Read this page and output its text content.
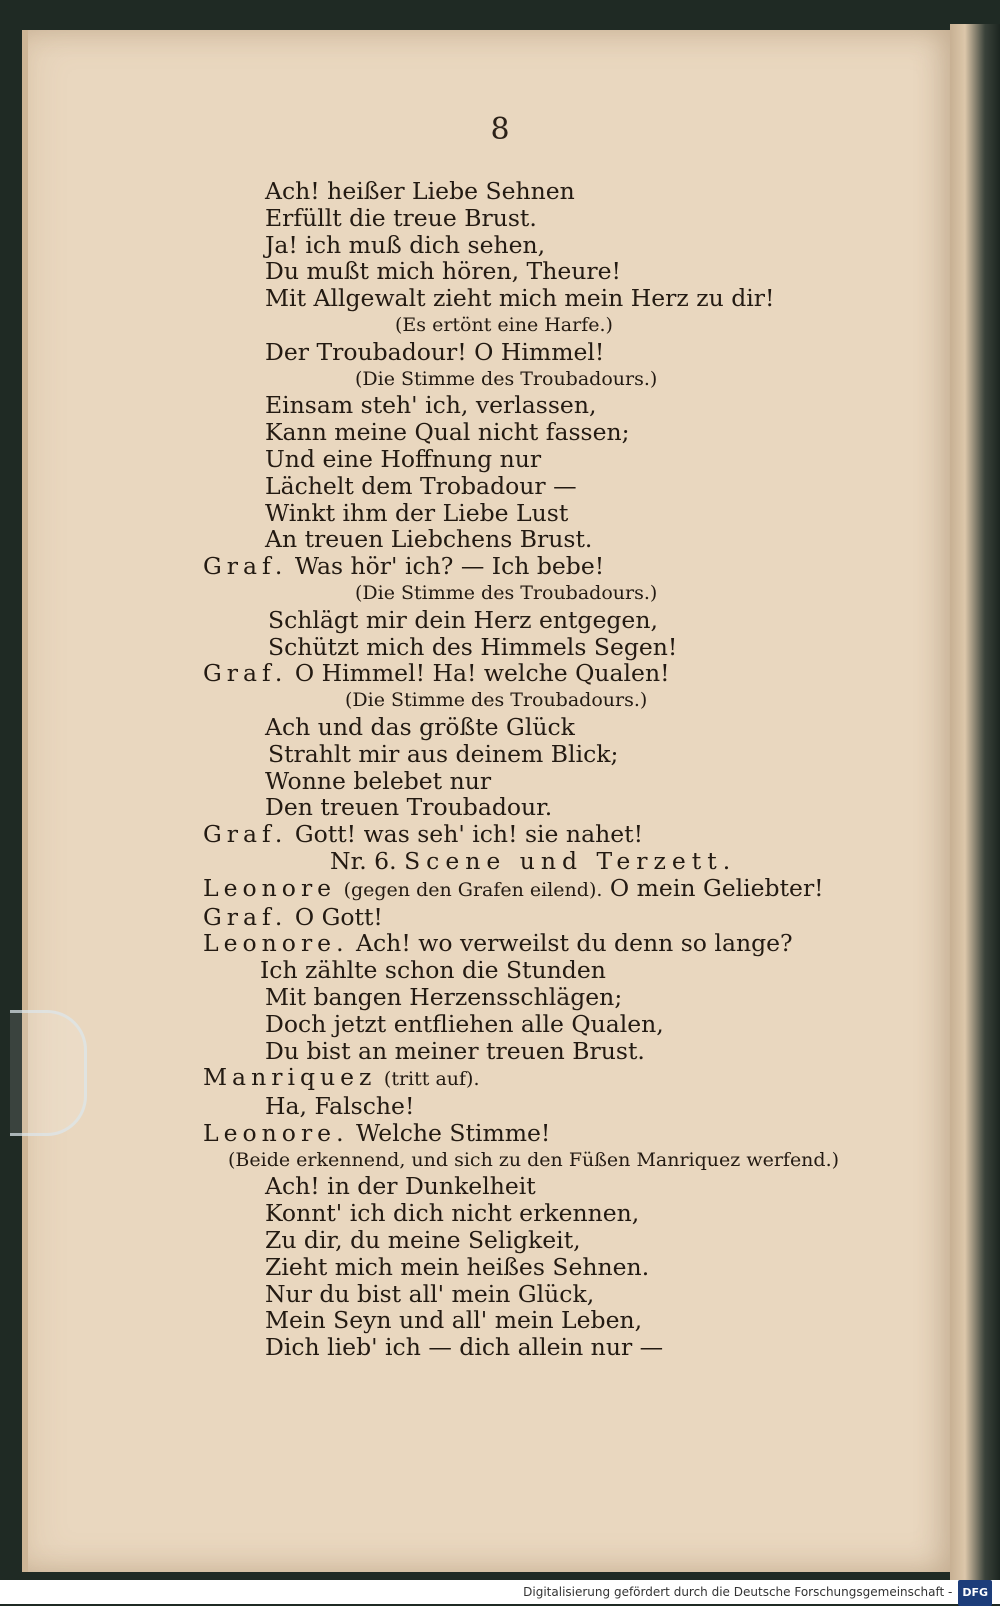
8

Ach! heißer Liebe Sehnen

Erfüllt die treue Brust.

Ja! ich muß dich sehen,

Du mußt mich hören, Theure!

Mit Allgewalt zieht mich mein Herz zu dir!

(Es ertönt eine Harfe.)

Der Troubadour! O Himmel!

(Die Stimme des Troubadours.)

Einsam steh' ich, verlassen,

Kann meine Qual nicht fassen;

Und eine Hoffnung nur

Lächelt dem Trobadour —

Winkt ihm der Liebe Lust

An treuen Liebchens Brust.

Graf. Was hör' ich? — Ich bebe!

(Die Stimme des Troubadours.)

Schlägt mir dein Herz entgegen,

Schützt mich des Himmels Segen!

Graf. O Himmel! Ha! welche Qualen!

(Die Stimme des Troubadours.)

Ach und das größte Glück

Strahlt mir aus deinem Blick;

Wonne belebet nur

Den treuen Troubadour.

Graf. Gott! was seh' ich! sie nahet!

Nr. 6. Scene und Terzett.

Leonore (gegen den Grafen eilend). O mein Geliebter!

Graf. O Gott!

Leonore. Ach! wo verweilst du denn so lange?

Ich zählte schon die Stunden

Mit bangen Herzensschlägen;

Doch jetzt entfliehen alle Qualen,

Du bist an meiner treuen Brust.

Manriquez (tritt auf).

Ha, Falsche!

Leonore. Welche Stimme!

(Beide erkennend, und sich zu den Füßen Manriquez werfend.)

Ach! in der Dunkelheit

Konnt' ich dich nicht erkennen,

Zu dir, du meine Seligkeit,

Zieht mich mein heißes Sehnen.

Nur du bist all' mein Glück,

Mein Seyn und all' mein Leben,

Dich lieb' ich — dich allein nur —

Digitalisierung gefördert durch die Deutsche Forschungsgemeinschaft - DFG
